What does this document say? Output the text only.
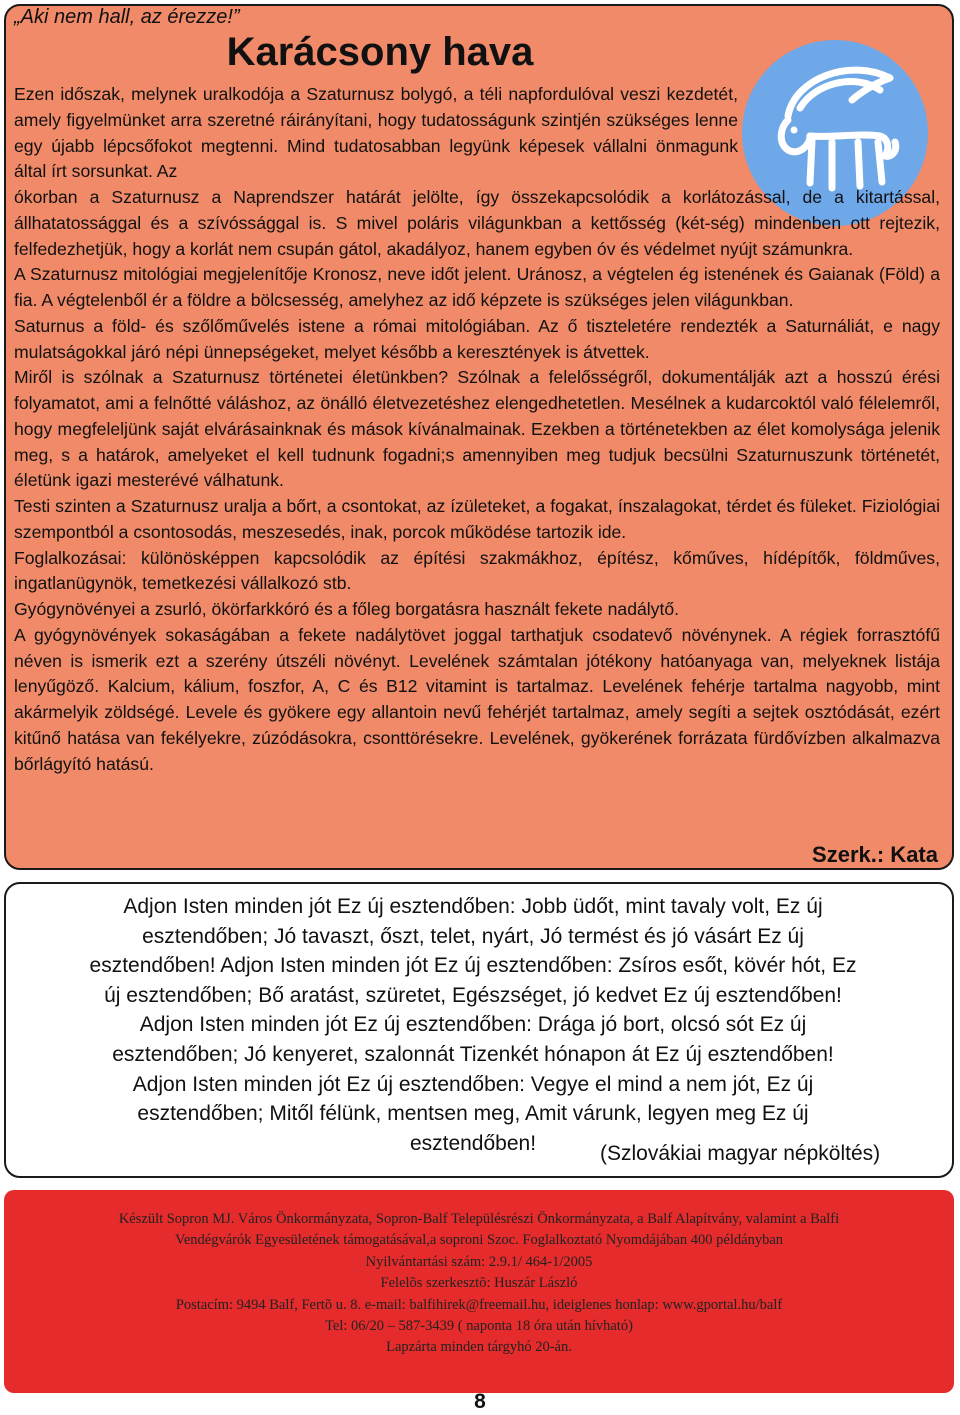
„Aki nem hall, az érezze!”
Karácsony hava

Ezen időszak, melynek uralkodója a Szaturnusz bolygó, a téli napfordulóval veszi kezdetét, amely figyelmünket arra szeretné ráirányítani, hogy tudatosságunk szintjén szükséges lenne egy újabb lépcsőfokot megtenni. Mind tudatosabban legyünk képesek vállalni önmagunk által írt sorsunkat. Az

ókorban a Szaturnusz a Naprendszer határát jelölte, így összekapcsolódik a korlátozással, de a kitartással, állhatatossággal és a szívóssággal is. S mivel poláris világunkban a kettősség (két-ség) mindenben ott rejtezik, felfedezhetjük, hogy a korlát nem csupán gátol, akadályoz, hanem egyben óv és védelmet nyújt számunkra.

A Szaturnusz mitológiai megjelenítője Kronosz, neve időt jelent. Uránosz, a végtelen ég istenének és Gaianak (Föld) a fia. A végtelenből ér a földre a bölcsesség, amelyhez az idő képzete is szükséges jelen világunkban.

Saturnus a föld- és szőlőművelés istene a római mitológiában. Az ő tiszteletére rendezték a Saturnáliát, e nagy mulatságokkal járó népi ünnepségeket, melyet később a keresztények is átvettek.

Miről is szólnak a Szaturnusz történetei életünkben? Szólnak a felelősségről, dokumentálják azt a hosszú érési folyamatot, ami a felnőtté váláshoz, az önálló életvezetéshez elengedhetetlen. Mesélnek a kudarcoktól való félelemről, hogy megfeleljünk saját elvárásainknak és mások kívánalmainak. Ezekben a történetekben az élet komolysága jelenik meg, s a határok, amelyeket el kell tudnunk fogadni;s amennyiben meg tudjuk becsülni Szaturnuszunk történetét, életünk igazi mesterévé válhatunk.

Testi szinten a Szaturnusz uralja a bőrt, a csontokat, az ízületeket, a fogakat, ínszalagokat, térdet és füleket. Fiziológiai szempontból a csontosodás, meszesedés, inak, porcok működése tartozik ide.

Foglalkozásai: különösképpen kapcsolódik az építési szakmákhoz, építész, kőműves, hídépítők, földműves, ingatlanügynök, temetkezési vállalkozó stb.

Gyógynövényei a zsurló, ökörfarkkóró és a főleg borgatásra használt fekete nadálytő.

A gyógynövények sokaságában a fekete nadálytövet joggal tarthatjuk csodatevő növénynek. A régiek forrasztófű néven is ismerik ezt a szerény útszéli növényt. Levelének számtalan jótékony hatóanyaga van, melyeknek listája lenyűgöző. Kalcium, kálium, foszfor, A, C és B12 vitamint is tartalmaz. Levelének fehérje tartalma nagyobb, mint akármelyik zöldségé. Levele és gyökere egy allantoin nevű fehérjét tartalmaz, amely segíti a sejtek osztódását, ezért kitűnő hatása van fekélyekre, zúzódásokra, csonttörésekre. Levelének, gyökerének forrázata fürdővízben alkalmazva bőrlágyító hatású.

Szerk.: Kata
Adjon Isten minden jót Ez új esztendőben: Jobb üdőt, mint tavaly volt, Ez új
esztendőben; Jó tavaszt, őszt, telet, nyárt, Jó termést és jó vásárt Ez új
esztendőben! Adjon Isten minden jót Ez új esztendőben: Zsíros esőt, kövér hót, Ez
új esztendőben; Bő aratást, szüretet, Egészséget, jó kedvet Ez új esztendőben!
Adjon Isten minden jót Ez új esztendőben: Drága jó bort, olcsó sót Ez új
esztendőben; Jó kenyeret, szalonnát Tizenkét hónapon át Ez új esztendőben!
Adjon Isten minden jót Ez új esztendőben: Vegye el mind a nem jót, Ez új
esztendőben; Mitől félünk, mentsen meg, Amit várunk, legyen meg Ez új
esztendőben!	(Szlovákiai magyar népköltés)
Készült Sopron MJ. Város Önkormányzata, Sopron-Balf Településrészi Önkormányzata, a Balf Alapítvány, valamint a Balfi
Vendégvárók Egyesületének támogatásával,a soproni Szoc. Foglalkoztató Nyomdájában 400 példányban
Nyilvántartási szám: 2.9.1/ 464-1/2005
Felelõs szerkesztõ: Huszár László
Postacím: 9494 Balf, Fertõ u. 8. e-mail: balfihirek@freemail.hu, ideiglenes honlap: www.gportal.hu/balf
Tel: 06/20 – 587-3439 ( naponta 18 óra után hívható)
Lapzárta minden tárgyhó 20-án.
8
